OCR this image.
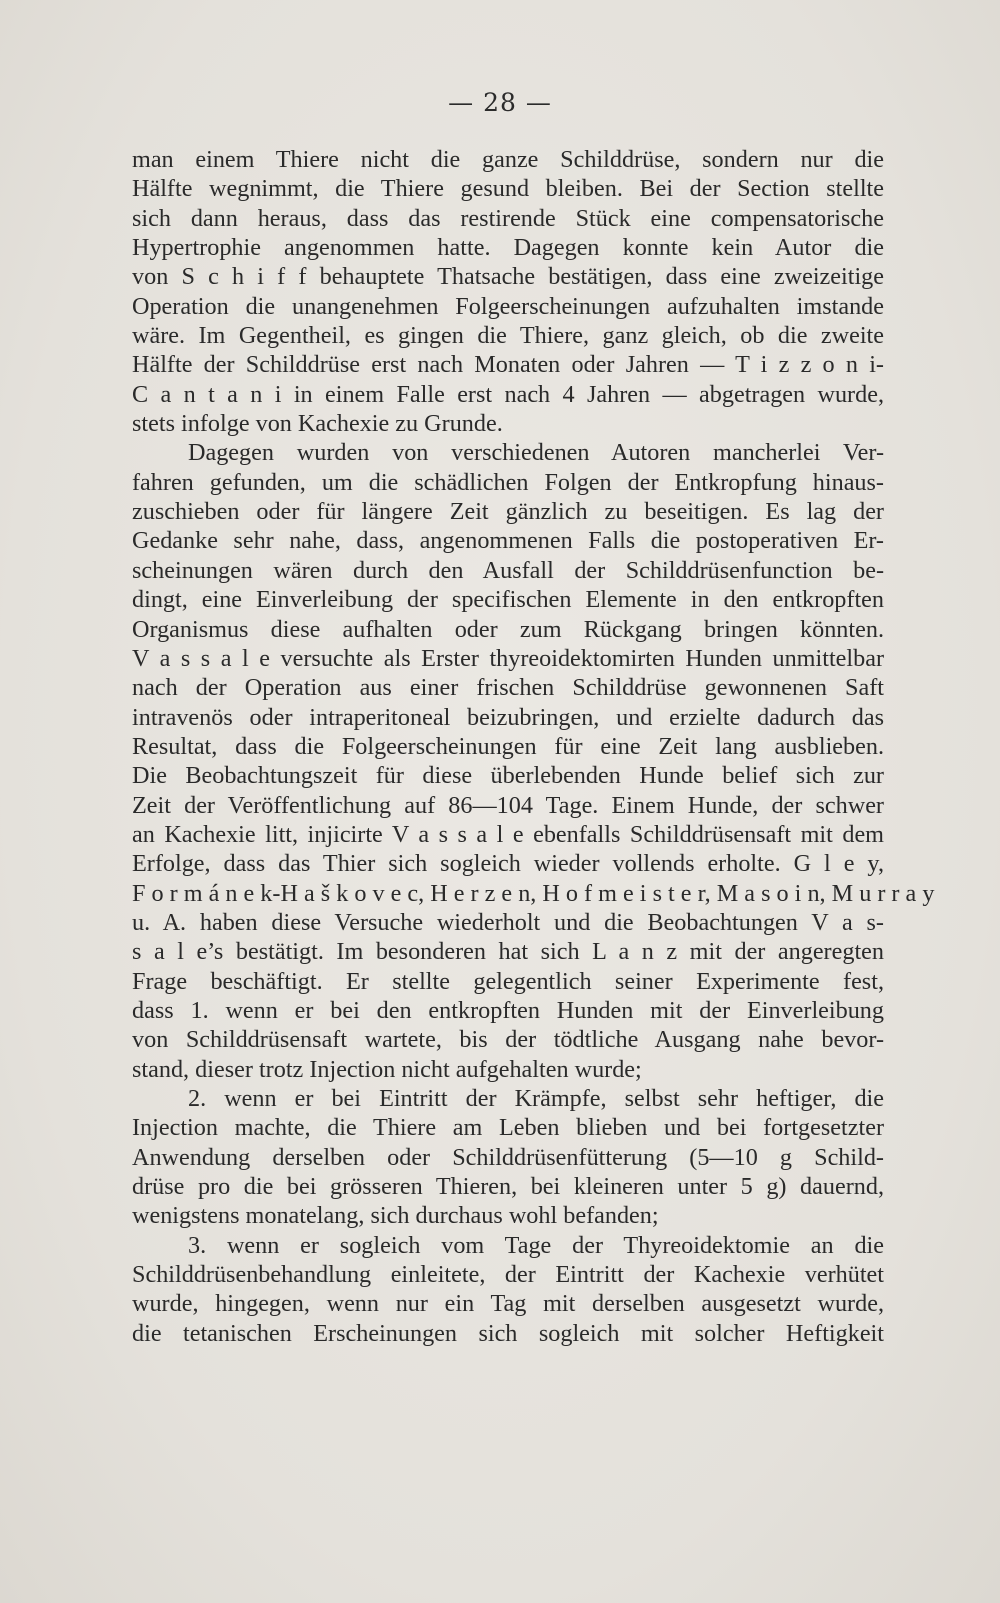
— 28 —
man einem Thiere nicht die ganze Schilddrüse, sondern nur die
Hälfte wegnimmt, die Thiere gesund bleiben. Bei der Section stellte
sich dann heraus, dass das restirende Stück eine compensatorische
Hypertrophie angenommen hatte. Dagegen konnte kein Autor die
von S c h i f f behauptete Thatsache bestätigen, dass eine zweizeitige
Operation die unangenehmen Folgeerscheinungen aufzuhalten imstande
wäre. Im Gegentheil, es gingen die Thiere, ganz gleich, ob die zweite
Hälfte der Schilddrüse erst nach Monaten oder Jahren — T i z z o n i-
C a n t a n i in einem Falle erst nach 4 Jahren — abgetragen wurde,
stets infolge von Kachexie zu Grunde.
Dagegen wurden von verschiedenen Autoren mancherlei Ver-
fahren gefunden, um die schädlichen Folgen der Entkropfung hinaus-
zuschieben oder für längere Zeit gänzlich zu beseitigen. Es lag der
Gedanke sehr nahe, dass, angenommenen Falls die postoperativen Er-
scheinungen wären durch den Ausfall der Schilddrüsenfunction be-
dingt, eine Einverleibung der specifischen Elemente in den entkropften
Organismus diese aufhalten oder zum Rückgang bringen könnten.
V a s s a l e versuchte als Erster thyreoidektomirten Hunden unmittelbar
nach der Operation aus einer frischen Schilddrüse gewonnenen Saft
intravenös oder intraperitoneal beizubringen, und erzielte dadurch das
Resultat, dass die Folgeerscheinungen für eine Zeit lang ausblieben.
Die Beobachtungszeit für diese überlebenden Hunde belief sich zur
Zeit der Veröffentlichung auf 86—104 Tage. Einem Hunde, der schwer
an Kachexie litt, injicirte V a s s a l e ebenfalls Schilddrüsensaft mit dem
Erfolge, dass das Thier sich sogleich wieder vollends erholte. G l e y,
F o r m á n e k-H a š k o v e c, H e r z e n, H o f m e i s t e r, M a s o i n, M u r r a y
u. A. haben diese Versuche wiederholt und die Beobachtungen V a s-
s a l e’s bestätigt. Im besonderen hat sich L a n z mit der angeregten
Frage beschäftigt. Er stellte gelegentlich seiner Experimente fest,
dass 1. wenn er bei den entkropften Hunden mit der Einverleibung
von Schilddrüsensaft wartete, bis der tödtliche Ausgang nahe bevor-
stand, dieser trotz Injection nicht aufgehalten wurde;
2. wenn er bei Eintritt der Krämpfe, selbst sehr heftiger, die
Injection machte, die Thiere am Leben blieben und bei fortgesetzter
Anwendung derselben oder Schilddrüsenfütterung (5—10 g Schild-
drüse pro die bei grösseren Thieren, bei kleineren unter 5 g) dauernd,
wenigstens monatelang, sich durchaus wohl befanden;
3. wenn er sogleich vom Tage der Thyreoidektomie an die
Schilddrüsenbehandlung einleitete, der Eintritt der Kachexie verhütet
wurde, hingegen, wenn nur ein Tag mit derselben ausgesetzt wurde,
die tetanischen Erscheinungen sich sogleich mit solcher Heftigkeit
